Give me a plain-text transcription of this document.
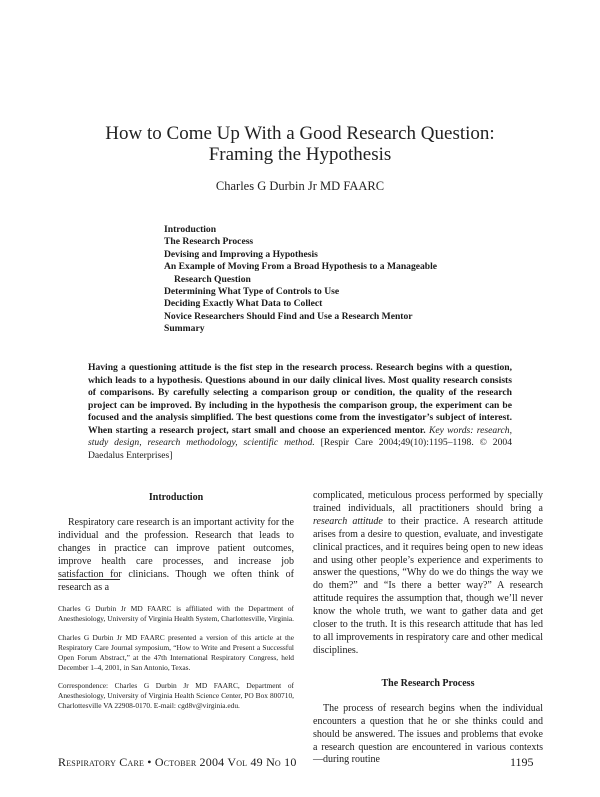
How to Come Up With a Good Research Question:
Framing the Hypothesis
Charles G Durbin Jr MD FAARC
Introduction
The Research Process
Devising and Improving a Hypothesis
An Example of Moving From a Broad Hypothesis to a Manageable
Research Question
Determining What Type of Controls to Use
Deciding Exactly What Data to Collect
Novice Researchers Should Find and Use a Research Mentor
Summary
Having a questioning attitude is the fist step in the research process. Research begins with a question, which leads to a hypothesis. Questions abound in our daily clinical lives. Most quality research consists of comparisons. By carefully selecting a comparison group or condition, the quality of the research project can be improved. By including in the hypothesis the comparison group, the experiment can be focused and the analysis simplified. The best questions come from the investigator’s subject of interest. When starting a research project, start small and choose an experienced mentor. Key words: research, study design, research methodology, scientific method. [Respir Care 2004;49(10):1195–1198. © 2004 Daedalus Enterprises]
Introduction

Respiratory care research is an important activity for the individual and the profession. Research that leads to changes in practice can improve patient outcomes, improve health care processes, and increase job satisfaction for clinicians. Though we often think of research as a

Charles G Durbin Jr MD FAARC is affiliated with the Department of Anesthesiology, University of Virginia Health System, Charlottesville, Virginia.

Charles G Durbin Jr MD FAARC presented a version of this article at the Respiratory Care Journal symposium, “How to Write and Present a Successful Open Forum Abstract,” at the 47th International Respiratory Congress, held December 1–4, 2001, in San Antonio, Texas.

Correspondence: Charles G Durbin Jr MD FAARC, Department of Anesthesiology, University of Virginia Health Science Center, PO Box 800710, Charlottesville VA 22908-0170. E-mail: cgd8v@virginia.edu.

complicated, meticulous process performed by specially trained individuals, all practitioners should bring a research attitude to their practice. A research attitude arises from a desire to question, evaluate, and investigate clinical practices, and it requires being open to new ideas and using other people’s experience and experiments to answer the questions, “Why do we do things the way we do them?” and “Is there a better way?” A research attitude requires the assumption that, though we’ll never know the whole truth, we want to gather data and get closer to the truth. It is this research attitude that has led to all improvements in respiratory care and other medical disciplines.

The Research Process

The process of research begins when the individual encounters a question that he or she thinks could and should be answered. The issues and problems that evoke a research question are encountered in various contexts—during routine

Respiratory Care • October 2004 Vol 49 No 10	1195
